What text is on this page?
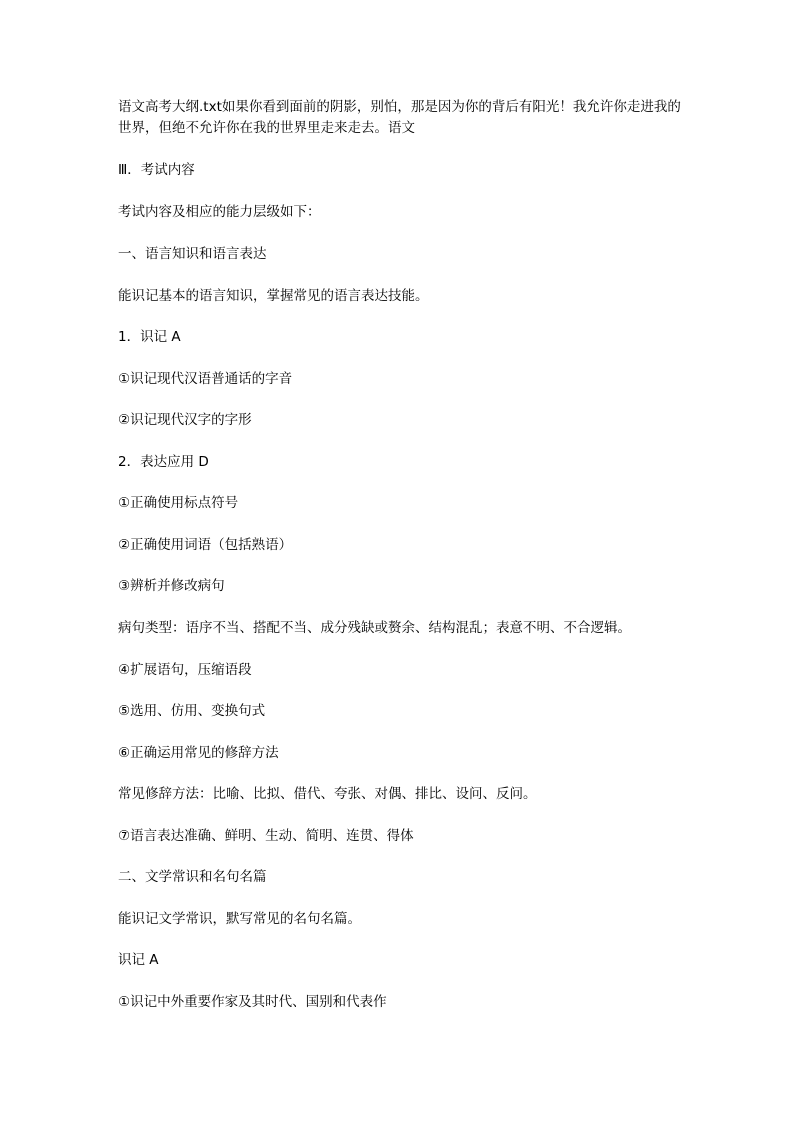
语文高考大纲.txt如果你看到面前的阴影，别怕，那是因为你的背后有阳光！我允许你走进我的世界，但绝不允许你在我的世界里走来走去。语文

Ⅲ．考试内容

考试内容及相应的能力层级如下：

一、语言知识和语言表达

能识记基本的语言知识，掌握常见的语言表达技能。

1．识记 A

①识记现代汉语普通话的字音

②识记现代汉字的字形

2．表达应用 D

①正确使用标点符号

②正确使用词语（包括熟语）

③辨析并修改病句

病句类型：语序不当、搭配不当、成分残缺或赘余、结构混乱；表意不明、不合逻辑。

④扩展语句，压缩语段

⑤选用、仿用、变换句式

⑥正确运用常见的修辞方法

常见修辞方法：比喻、比拟、借代、夸张、对偶、排比、设问、反问。

⑦语言表达准确、鲜明、生动、简明、连贯、得体

二、文学常识和名句名篇

能识记文学常识，默写常见的名句名篇。

识记 A

①识记中外重要作家及其时代、国别和代表作
